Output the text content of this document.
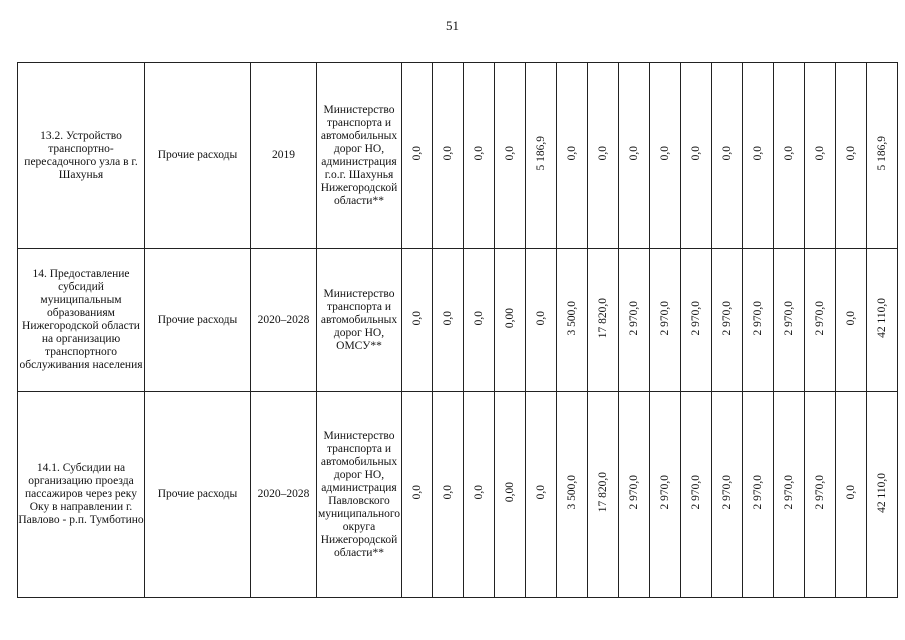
51
13.2. Устройство транспортно-пересадочного узла в г. Шахунья	Прочие расходы	2019	Министерство транспорта и автомобильных дорог НО, администрация г.о.г. Шахунья Нижегородской области**	0,0	0,0	0,0	0,0	5 186,9	0,0	0,0	0,0	0,0	0,0	0,0	0,0	0,0	0,0	0,0	5 186,9
14. Предоставление субсидий муниципальным образованиям Нижегородской области на организацию транспортного обслуживания населения	Прочие расходы	2020–2028	Министерство транспорта и автомобильных дорог НО, ОМСУ**	0,0	0,0	0,0	0,00	0,0	3 500,0	17 820,0	2 970,0	2 970,0	2 970,0	2 970,0	2 970,0	2 970,0	2 970,0	0,0	42 110,0
14.1. Субсидии на организацию проезда пассажиров через реку Оку в направлении г. Павлово - р.п. Тумботино	Прочие расходы	2020–2028	Министерство транспорта и автомобильных дорог НО, администрация Павловского муниципального округа Нижегородской области**	0,0	0,0	0,0	0,00	0,0	3 500,0	17 820,0	2 970,0	2 970,0	2 970,0	2 970,0	2 970,0	2 970,0	2 970,0	0,0	42 110,0
